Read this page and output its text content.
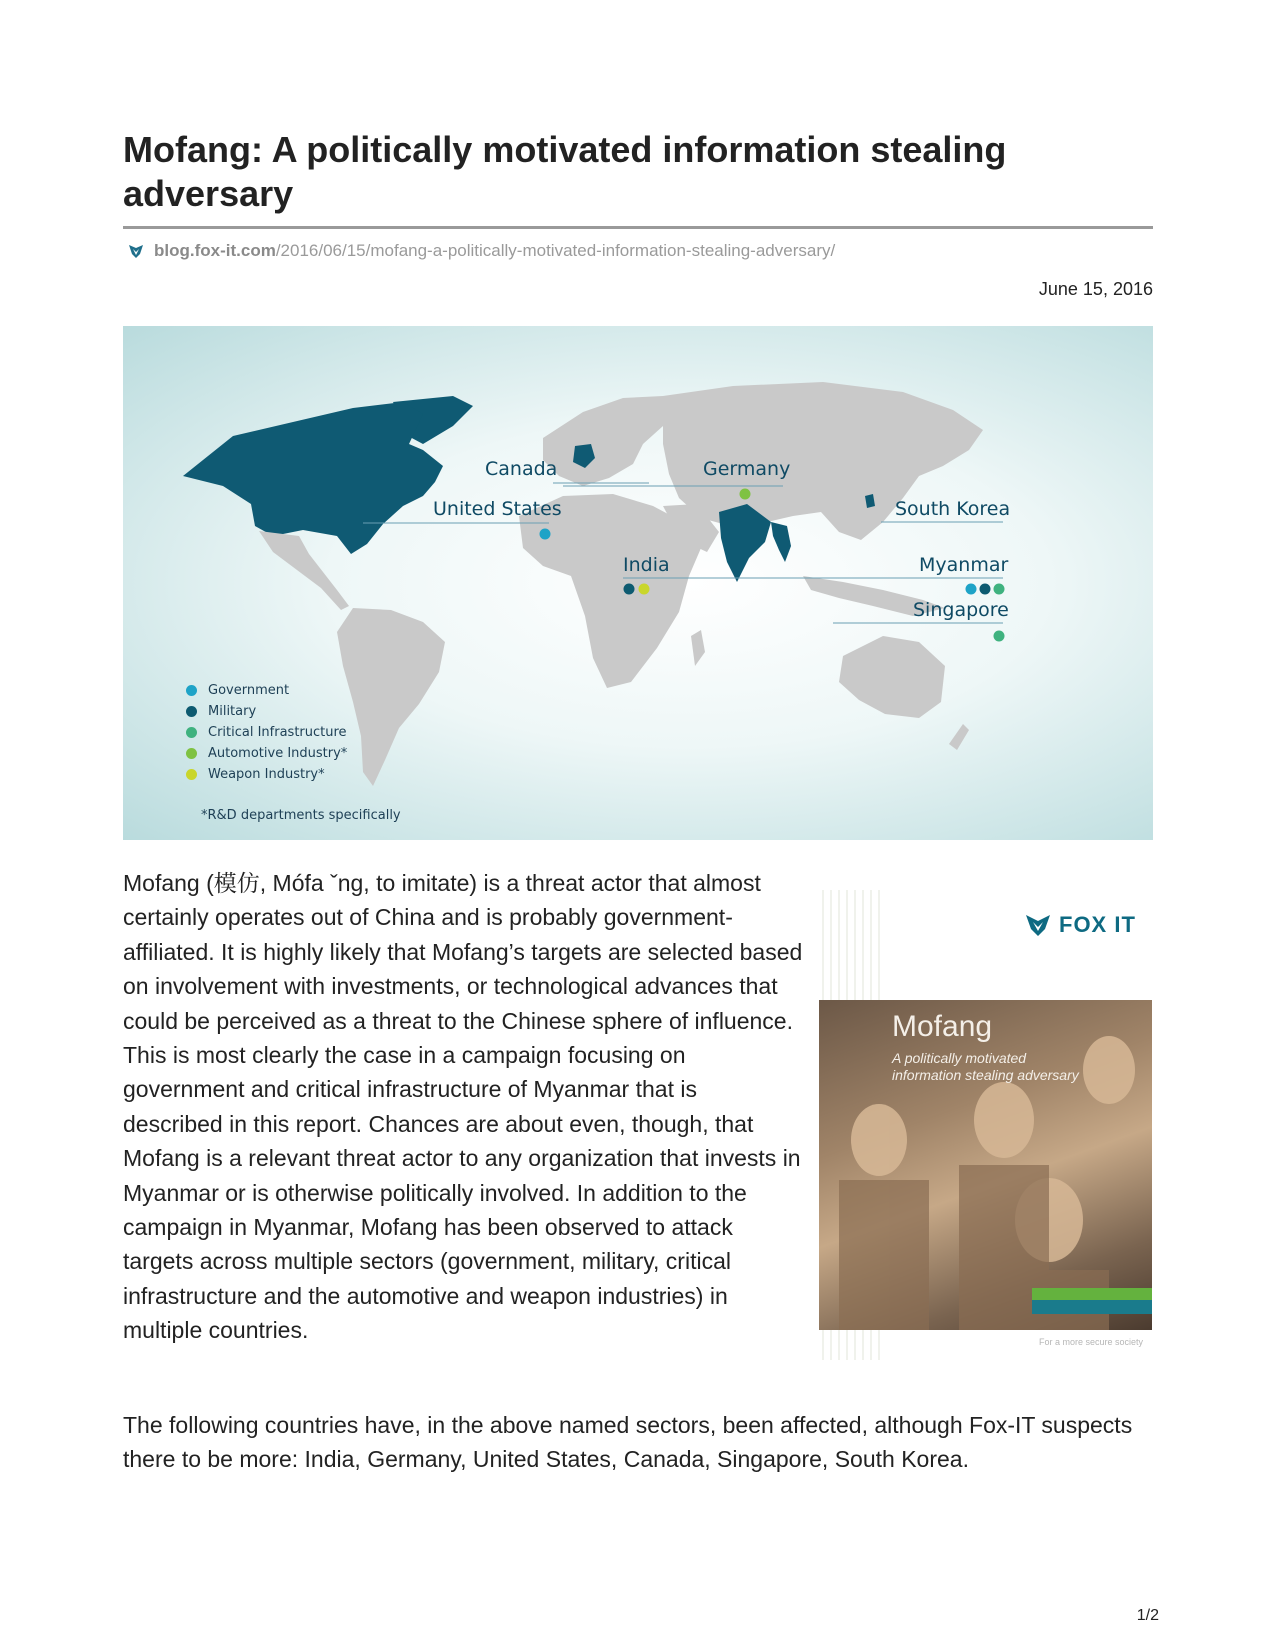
Mofang: A politically motivated information stealing adversary
blog.fox-it.com /2016/06/15/mofang-a-politically-motivated-information-stealing-adversary/
June 15, 2016
Canada	Germany
United States	South Korea
India	Myanmar
Singapore
Government
Military
Critical Infrastructure
Automotive Industry*
Weapon Industry*
*R&D departments specifically

Mofang (模仿, Mófa ˇng, to imitate) is a threat actor that almost certainly operates out of China and is probably government-affiliated. It is highly likely that Mofang’s targets are selected based on involvement with investments, or technological advances that could be perceived as a threat to the Chinese sphere of influence. This is most clearly the case in a campaign focusing on government and critical infrastructure of Myanmar that is described in this report. Chances are about even, though, that Mofang is a relevant threat actor to any organization that invests in Myanmar or is otherwise politically involved. In addition to the campaign in Myanmar, Mofang has been observed to attack targets across multiple sectors (government, military, critical infrastructure and the automotive and weapon industries) in multiple countries.

FOX IT
Mofang
A politically motivated information stealing adversary
For a more secure society

The following countries have, in the above named sectors, been affected, although Fox-IT suspects there to be more: India, Germany, United States, Canada, Singapore, South Korea.

1/2
